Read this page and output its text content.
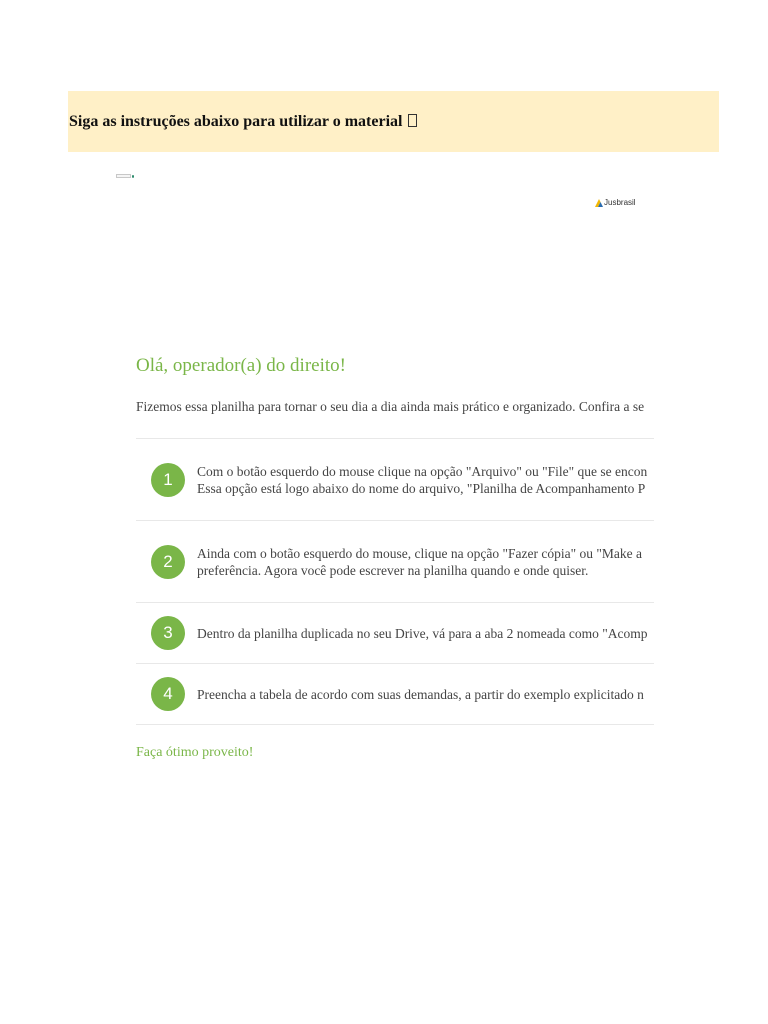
Siga as instruções abaixo para utilizar o material
Jusbrasil
Olá, operador(a) do direito!
Fizemos essa planilha para tornar o seu dia a dia ainda mais prático e organizado. Confira a se
1	Com o botão esquerdo do mouse clique na opção "Arquivo" ou "File" que se encon
Essa opção está logo abaixo do nome do arquivo, "Planilha de Acompanhamento P
2	Ainda com o botão esquerdo do mouse, clique na opção "Fazer cópia" ou "Make a
preferência. Agora você pode escrever na planilha quando e onde quiser.
3	Dentro da planilha duplicada no seu Drive, vá para a aba 2 nomeada como "Acomp
4	Preencha a tabela de acordo com suas demandas, a partir do exemplo explicitado n
Faça ótimo proveito!
